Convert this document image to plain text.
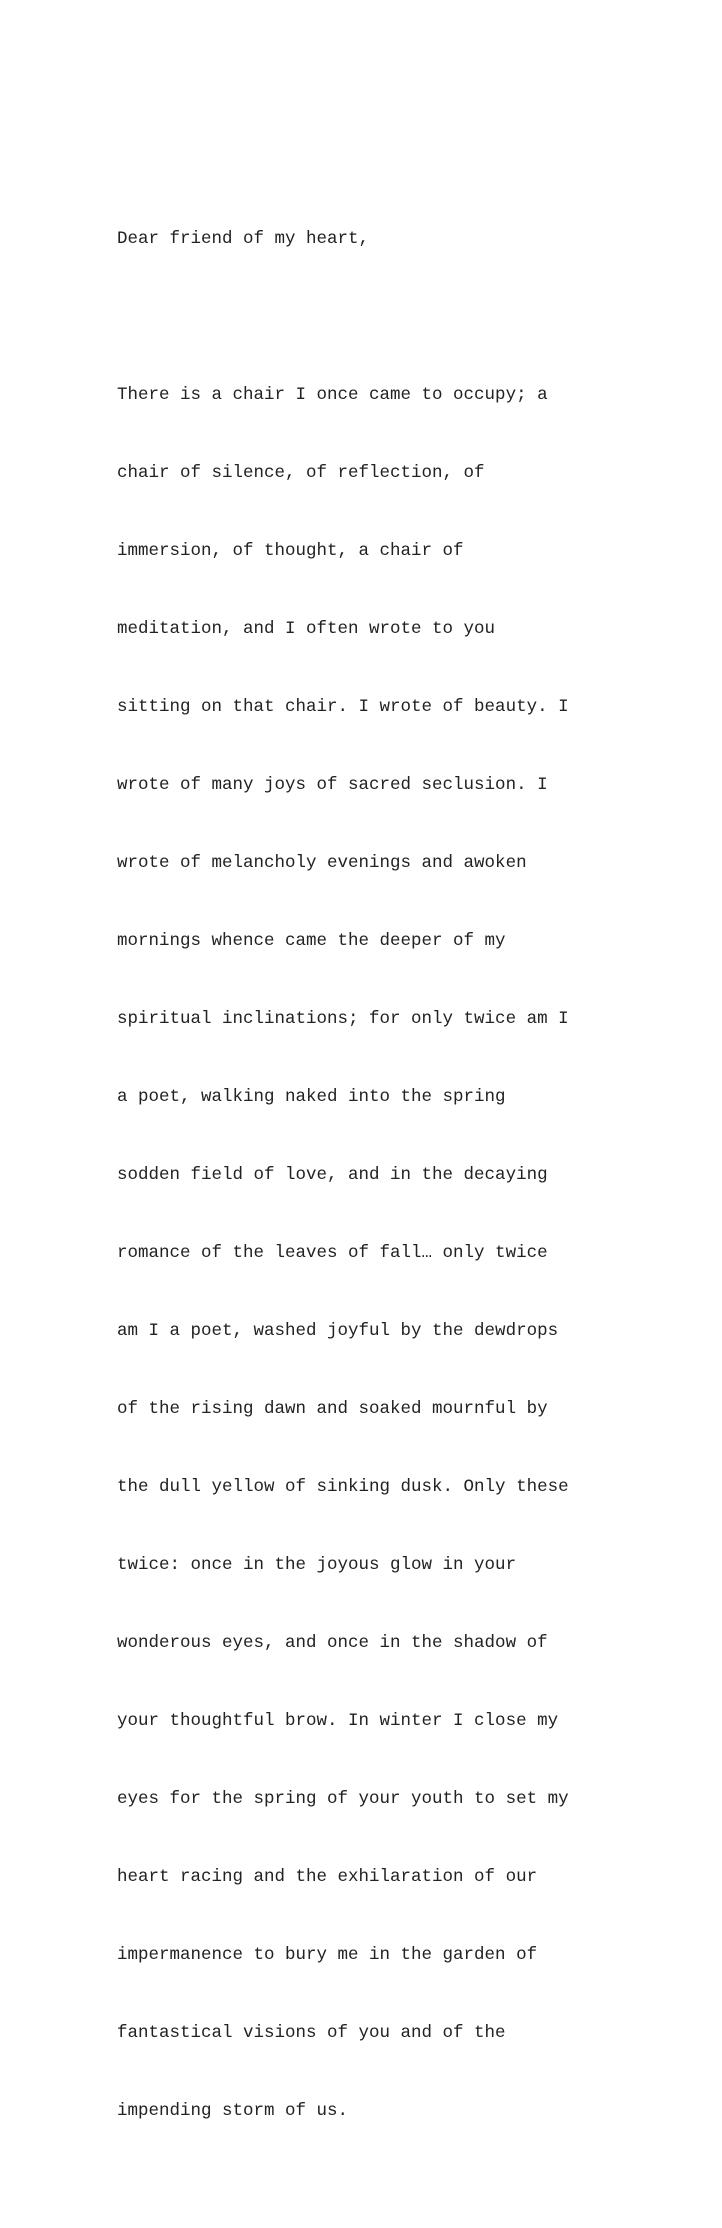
Dear friend of my heart,

There is a chair I once came to occupy; a

chair of silence, of reflection, of

immersion, of thought, a chair of

meditation, and I often wrote to you

sitting on that chair. I wrote of beauty. I

wrote of many joys of sacred seclusion. I

wrote of melancholy evenings and awoken

mornings whence came the deeper of my

spiritual inclinations; for only twice am I

a poet, walking naked into the spring

sodden field of love, and in the decaying

romance of the leaves of fall… only twice

am I a poet, washed joyful by the dewdrops

of the rising dawn and soaked mournful by

the dull yellow of sinking dusk. Only these

twice: once in the joyous glow in your

wonderous eyes, and once in the shadow of

your thoughtful brow. In winter I close my

eyes for the spring of your youth to set my

heart racing and the exhilaration of our

impermanence to bury me in the garden of

fantastical visions of you and of the

impending storm of us.
